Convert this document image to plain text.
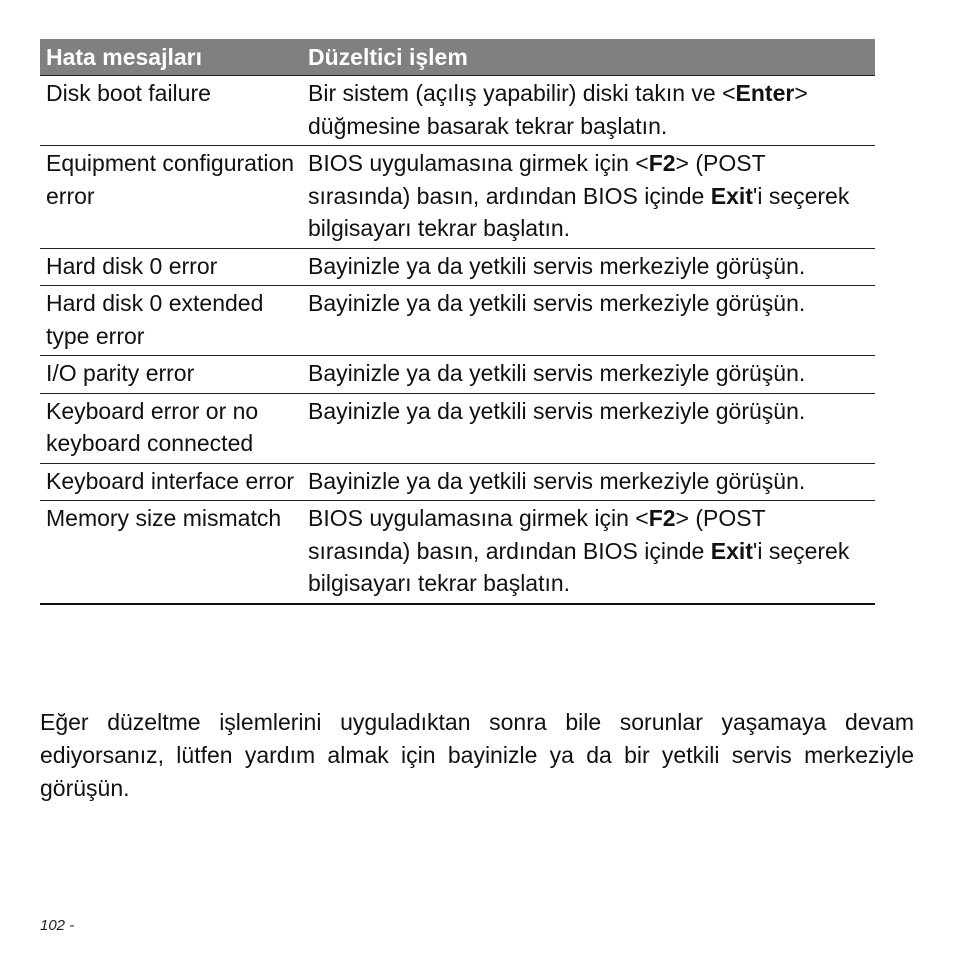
Hata mesajları	Düzeltici işlem
Disk boot failure	Bir sistem (açılış yapabilir) diski takın ve <Enter> düğmesine basarak tekrar başlatın.
Equipment configuration error	BIOS uygulamasına girmek için <F2> (POST sırasında) basın, ardından BIOS içinde Exit'i seçerek bilgisayarı tekrar başlatın.
Hard disk 0 error	Bayinizle ya da yetkili servis merkeziyle görüşün.
Hard disk 0 extended type error	Bayinizle ya da yetkili servis merkeziyle görüşün.
I/O parity error	Bayinizle ya da yetkili servis merkeziyle görüşün.
Keyboard error or no keyboard connected	Bayinizle ya da yetkili servis merkeziyle görüşün.
Keyboard interface error	Bayinizle ya da yetkili servis merkeziyle görüşün.
Memory size mismatch	BIOS uygulamasına girmek için <F2> (POST sırasında) basın, ardından BIOS içinde Exit'i seçerek bilgisayarı tekrar başlatın.

Eğer düzeltme işlemlerini uyguladıktan sonra bile sorunlar yaşamaya devam ediyorsanız, lütfen yardım almak için bayinizle ya da bir yetkili servis merkeziyle görüşün.

102 -
